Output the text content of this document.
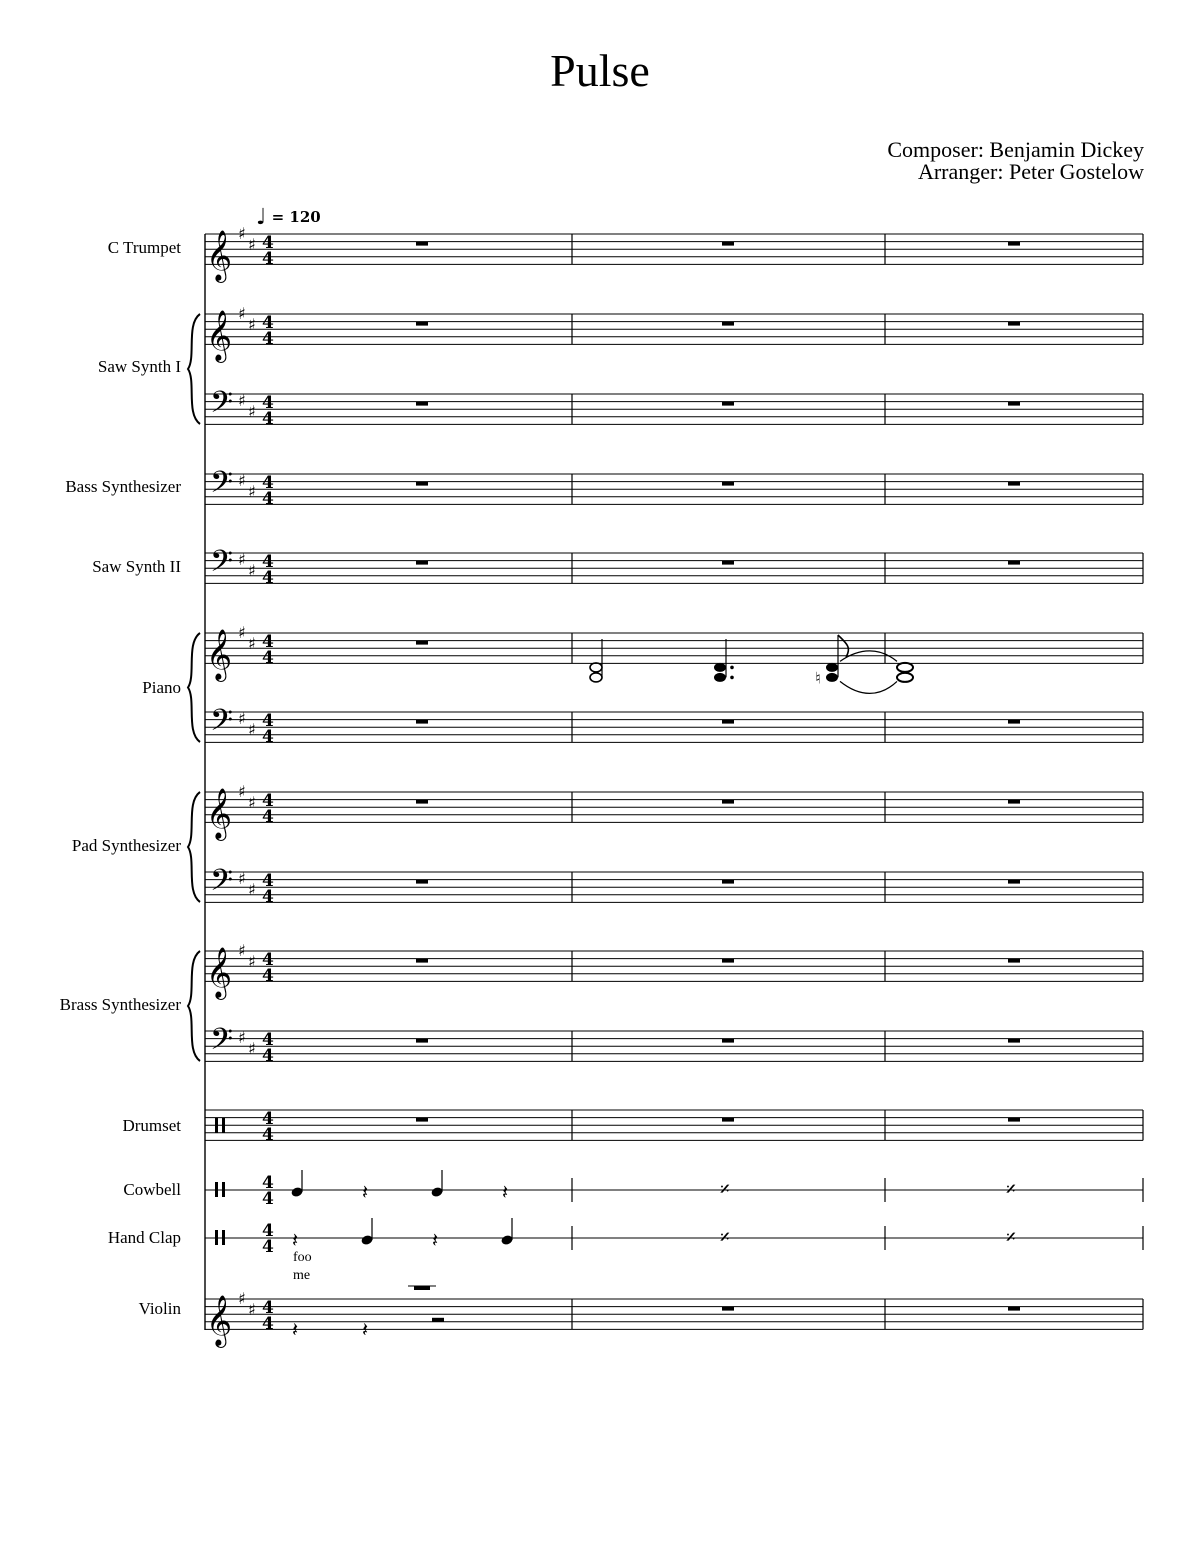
Pulse
Composer: Benjamin Dickey
Arranger: Peter Gostelow
♩ = 120
C Trumpet
Saw Synth I
Bass Synthesizer
Saw Synth II
Piano
Pad Synthesizer
Brass Synthesizer
Drumset
Cowbell
Hand Clap
Violin
foo
me
𝄞 ♯
♯ 4
4
𝄞 ♯
♯ 4
4
𝄢 ♯
♯ 4
4
𝄢 ♯
♯ 4
4
𝄢 ♯
♯ 4
4
𝄞 ♯
♯ 4
4
𝄢 ♯
♯ 4
4
𝄞 ♯
♯ 4
4
𝄢 ♯
♯ 4
4
𝄞 ♯
♯ 4
4
𝄢 ♯
♯ 4
4
4
4
𝄞 ♯
♯ 4
4
♮
4
4	𝄎	𝄎
4
4	𝄎	𝄎
𝄽	𝄽
𝄽	𝄽
𝄽	𝄽
